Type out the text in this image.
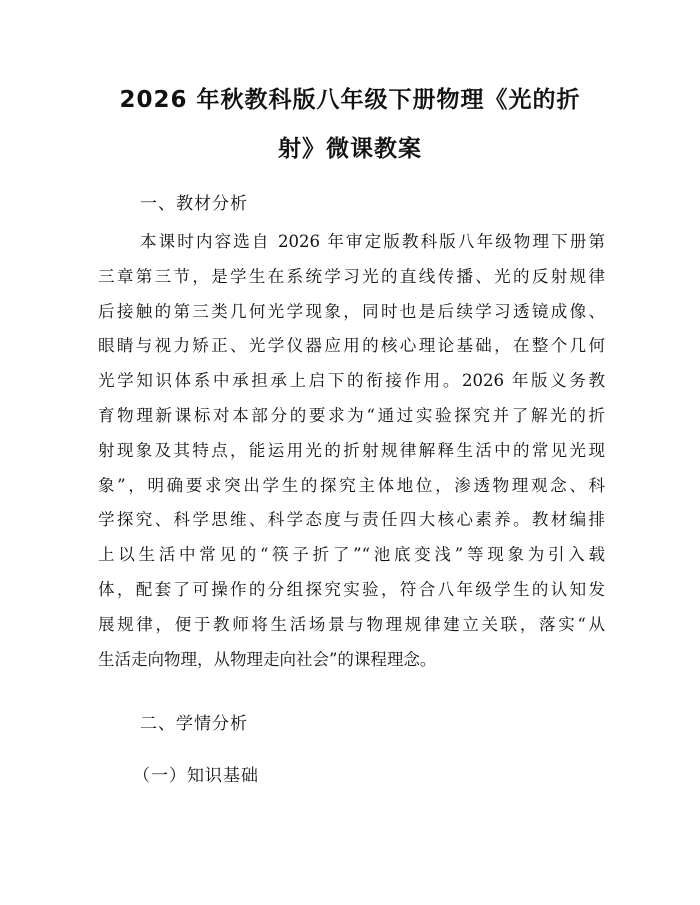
2026 年秋教科版八年级下册物理《光的折
射》微课教案
一、教材分析
本课时内容选自 2026 年审定版教科版八年级物理下册第
三章第三节，是学生在系统学习光的直线传播、光的反射规律
后接触的第三类几何光学现象，同时也是后续学习透镜成像、
眼睛与视力矫正、光学仪器应用的核心理论基础，在整个几何
光学知识体系中承担承上启下的衔接作用。2026 年版义务教
育物理新课标对本部分的要求为“通过实验探究并了解光的折
射现象及其特点，能运用光的折射规律解释生活中的常见光现
象”，明确要求突出学生的探究主体地位，渗透物理观念、科
学探究、科学思维、科学态度与责任四大核心素养。教材编排
上以生活中常见的“筷子折了”“池底变浅”等现象为引入载
体，配套了可操作的分组探究实验，符合八年级学生的认知发
展规律，便于教师将生活场景与物理规律建立关联，落实“从
生活走向物理，从物理走向社会”的课程理念。
二、学情分析
（一）知识基础
